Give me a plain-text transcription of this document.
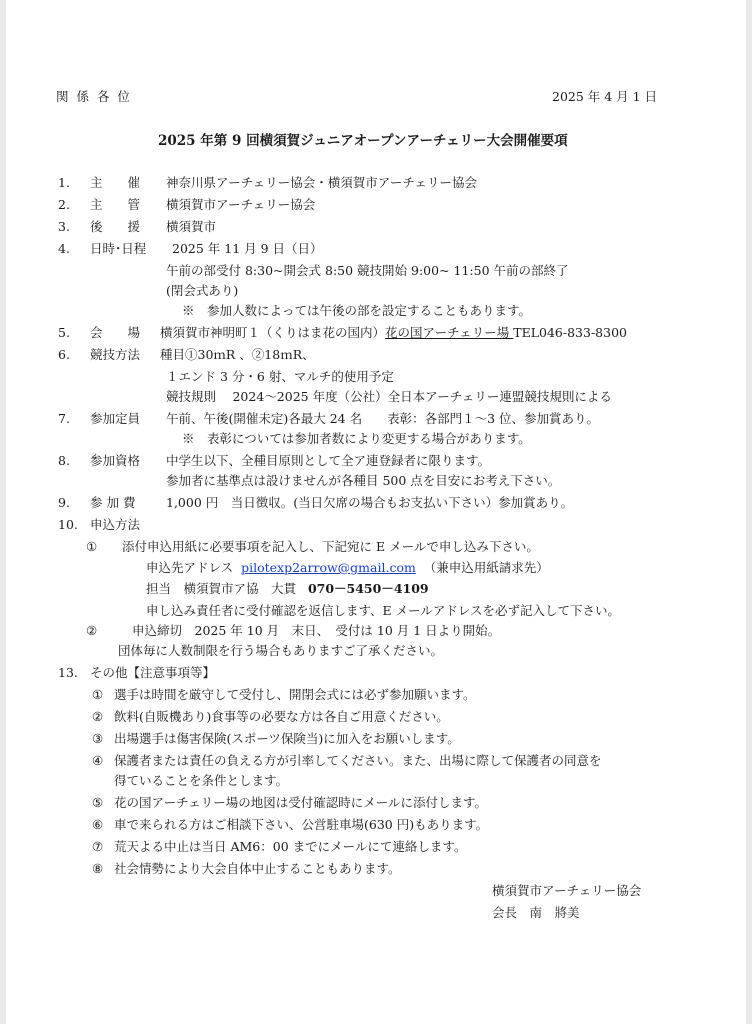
関 係 各 位	2025 年 4 月 1 日
2025 年第 9 回横須賀ジュニアオープンアーチェリー大会開催要項
1. 主　　催 神奈川県アーチェリー協会・横須賀市アーチェリー協会
2. 主　　管 横須賀市アーチェリー協会
3. 後　　援 横須賀市
4. 日時･日程 2025 年 11 月 9 日（日）
午前の部受付 8:30~開会式 8:50 競技開始 9:00~ 11:50 午前の部終了
(閉会式あり)
※　参加人数によっては午後の部を設定することもあります。
5. 会　　場 横須賀市神明町１（くりはま花の国内）花の国アーチェリー場 TEL046-833-8300
6. 競技方法 種目①30ｍR 、②18ｍR、
１エンド 3 分・6 射、マルチ的使用予定
競技規則　 2024～2025 年度（公社）全日本アーチェリー連盟競技規則による
7. 参加定員 午前、午後(開催未定)各最大 24 名　　表彰：各部門１～3 位、参加賞あり。
※　表彰については参加者数により変更する場合があります。
8. 参加資格 中学生以下、全種目原則として全ア連登録者に限ります。
参加者に基準点は設けませんが各種目 500 点を目安にお考え下さい。
9. 参 加 費 1,000 円　当日徴収。(当日欠席の場合もお支払い下さい）参加賞あり。
10. 申込方法
① 添付申込用紙に必要事項を記入し、下記宛に E メールで申し込み下さい。
申込先アドレス pilotexp2arrow@gmail.com （兼申込用紙請求先）
担当　横須賀市ア協　大貫 070－5450－4109
申し込み責任者に受付確認を返信します、E メールアドレスを必ず記入して下さい。
②	申込締切　2025 年 10 月　末日、　受付は 10 月 1 日より開始。
団体毎に人数制限を行う場合もありますご了承ください。
13. その他【注意事項等】
① 選手は時間を厳守して受付し、開閉会式には必ず参加願います。
② 飲料(自販機あり)食事等の必要な方は各自ご用意ください。
③ 出場選手は傷害保険(スポーツ保険当)に加入をお願いします。
④ 保護者または責任の負える方が引率してください。また、出場に際して保護者の同意を
得ていることを条件とします。
⑤ 花の国アーチェリー場の地図は受付確認時にメールに添付します。
⑥ 車で来られる方はご相談下さい、公営駐車場(630 円)もあります。
⑦ 荒天よる中止は当日 AM6：00 までにメールにて連絡します。
⑧ 社会情勢により大会自体中止することもあります。
横須賀市アーチェリー協会
会長　南　將美
